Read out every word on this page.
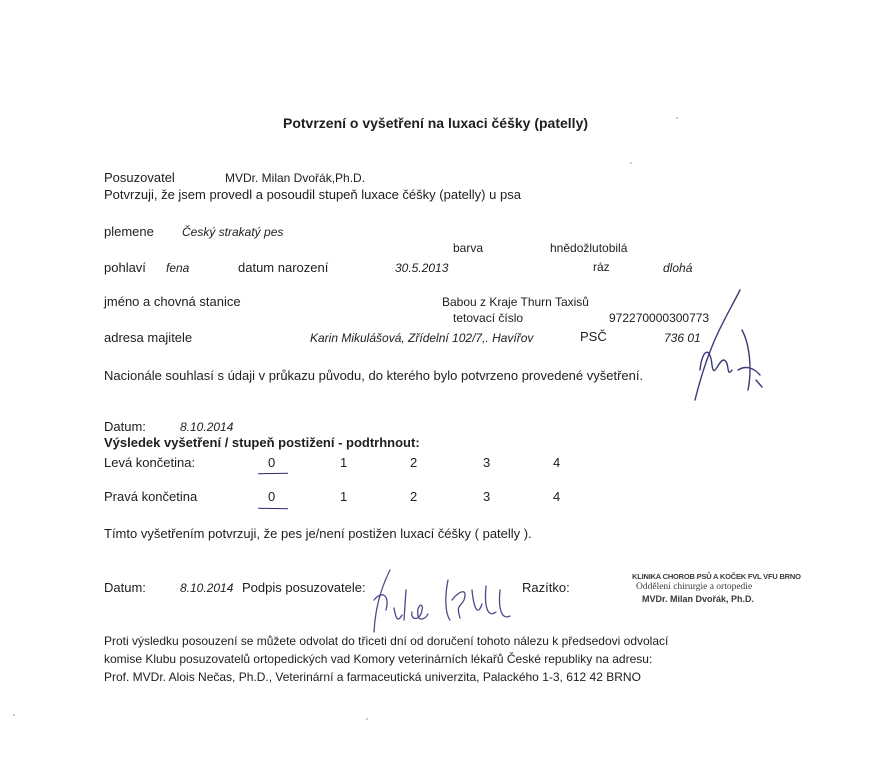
Potvrzení o vyšetření na luxaci čéšky (patelly)
Posuzovatel	MVDr. Milan Dvořák,Ph.D.
Potvrzuji, že jsem provedl a posoudil stupeň luxace čéšky (patelly) u psa
plemene Český strakatý pes
barva	hnědožlutobilá
pohlaví fena	datum narození	30.5.2013	ráz	dlohá
jméno a chovná stanice	Babou z Kraje Thurn Taxisů
tetovací číslo	972270000300773
adresa majitele	Karin Mikulášová, Zřídelní 102/7,. Havířov	PSČ	736 01
Nacionále souhlasí s údaji v průkazu původu, do kterého bylo potvrzeno provedené vyšetření.
Datum:	8.10.2014
Výsledek vyšetření / stupeň postižení - podtrhnout:
Levá končetina:	0	1	2	3	4
Pravá končetina	0	1	2	3	4
Tímto vyšetřením potvrzuji, že pes je/není postižen luxací čéšky ( patelly ).
Datum:	8.10.2014 Podpis posuzovatele:	Razítko:
KLINIKA CHOROB PSŮ A KOČEK FVL VFU BRNO
Oddělení chirurgie a ortopedie
MVDr. Milan Dvořák, Ph.D.
Proti výsledku posouzení se můžete odvolat do třiceti dní od doručení tohoto nálezu k předsedovi odvolací
komise Klubu posuzovatelů ortopedických vad Komory veterinárních lékařů České republiky na adresu:
Prof. MVDr. Alois Nečas, Ph.D., Veterinární a farmaceutická univerzita, Palackého 1-3, 612 42 BRNO
